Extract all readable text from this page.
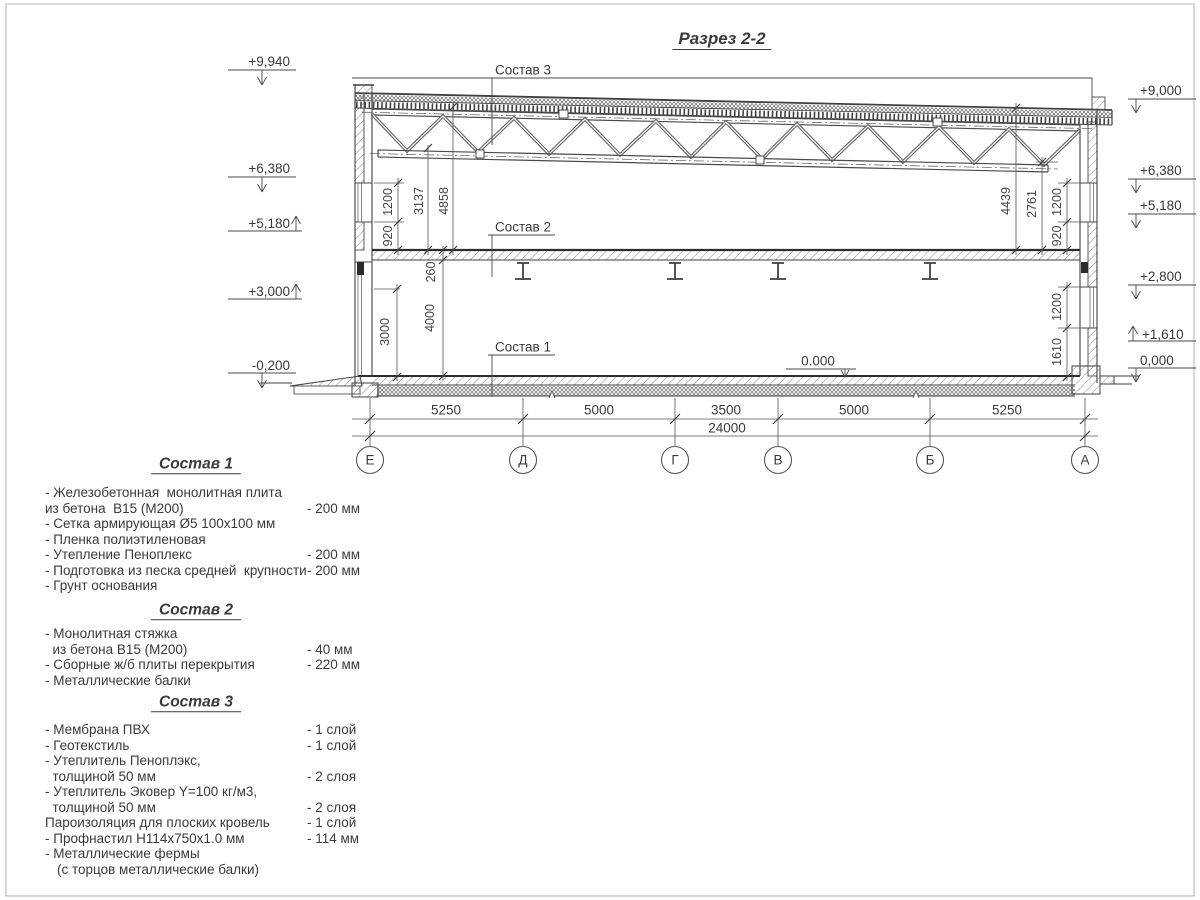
Разрез 2-2
Состав 3
Состав 2
Состав 1
0.000
+9,940
+6,380
+5,180
+3,000
-0,200
+9,000
+6,380
+5,180
+2,800
+1,610
0,000
1200
920
3137 4858
260
3000
4000
4439 2761 1200
920
1200
1610
5250	5000	3500	5000	5250
24000
Е	Д	Г	В	Б	А
Состав 1
- Железобетонная  монолитная плита
из бетона  В15 (М200)	- 200 мм
- Сетка армирующая Ø5 100х100 мм
- Пленка полиэтиленовая
- Утепление Пеноплекс	- 200 мм
- Подготовка из песка средней  крупности - 200 мм
- Грунт основания
Состав 2
- Монолитная стяжка
из бетона В15 (М200)	- 40 мм
- Сборные ж/б плиты перекрытия	- 220 мм
- Металлические балки
Состав 3
- Мембрана ПВХ	- 1 слой
- Геотекстиль	- 1 слой
- Утеплитель Пеноплэкс,
толщиной 50 мм	- 2 слоя
- Утеплитель Эковер Y=100 кг/м3,
толщиной 50 мм	- 2 слоя
Пароизоляция для плоских кровель	- 1 слой
- Профнастил Н114х750х1.0 мм	- 114 мм
- Металлические фермы
(с торцов металлические балки)
